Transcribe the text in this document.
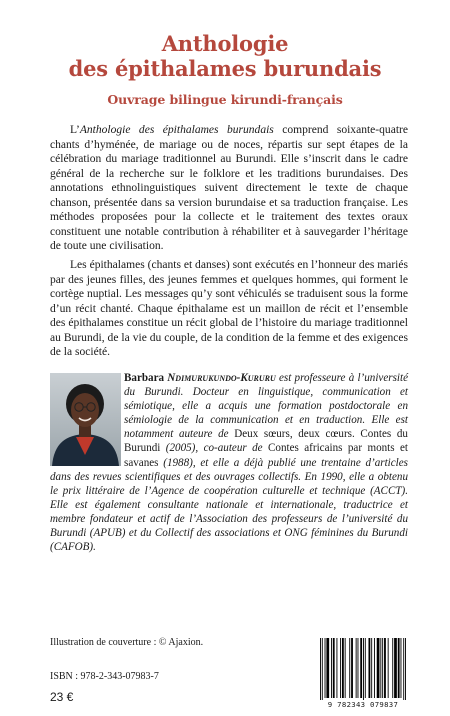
Anthologie
des épithalames burundais
Ouvrage bilingue kirundi-français

L’Anthologie des épithalames burundais comprend soixante-quatre chants d’hyménée, de mariage ou de noces, répartis sur sept étapes de la célébration du mariage traditionnel au Burundi. Elle s’inscrit dans le cadre général de la recherche sur le folklore et les traditions burundaises. Des annotations ethnolinguistiques suivent directement le texte de chaque chanson, présentée dans sa version burundaise et sa traduction française. Les méthodes proposées pour la collecte et le traitement des textes oraux constituent une notable contribution à réhabiliter et à sauvegarder l’héritage de toute une civilisation.

Les épithalames (chants et danses) sont exécutés en l’honneur des mariés par des jeunes filles, des jeunes femmes et quelques hommes, qui forment le cortège nuptial. Les messages qu’y sont véhiculés se traduisent sous la forme d’un récit chanté. Chaque épithalame est un maillon de récit et l’ensemble des épithalames constitue un récit global de l’histoire du mariage traditionnel au Burundi, de la vie du couple, de la condition de la femme et des exigences de la société.

Barbara Ndimurukundo-Kururu est professeure à l’université du Burundi. Docteur en linguistique, communication et sémiotique, elle a acquis une formation postdoctorale en sémiologie de la communication et en traduction. Elle est notamment auteure de Deux sœurs, deux cœurs. Contes du Burundi (2005), co-auteur de Contes africains par monts et savanes (1988), et elle a déjà publié une trentaine d’articles dans des revues scientifiques et des ouvrages collectifs. En 1990, elle a obtenu le prix littéraire de l’Agence de coopération culturelle et technique (ACCT). Elle est également consultante nationale et internationale, traductrice et membre fondateur et actif de l’Association des professeurs de l’université du Burundi (APUB) et du Collectif des associations et ONG féminines du Burundi (CAFOB).

Illustration de couverture : © Ajaxion.
ISBN : 978-2-343-07983-7
23 €
9 782343 079837
